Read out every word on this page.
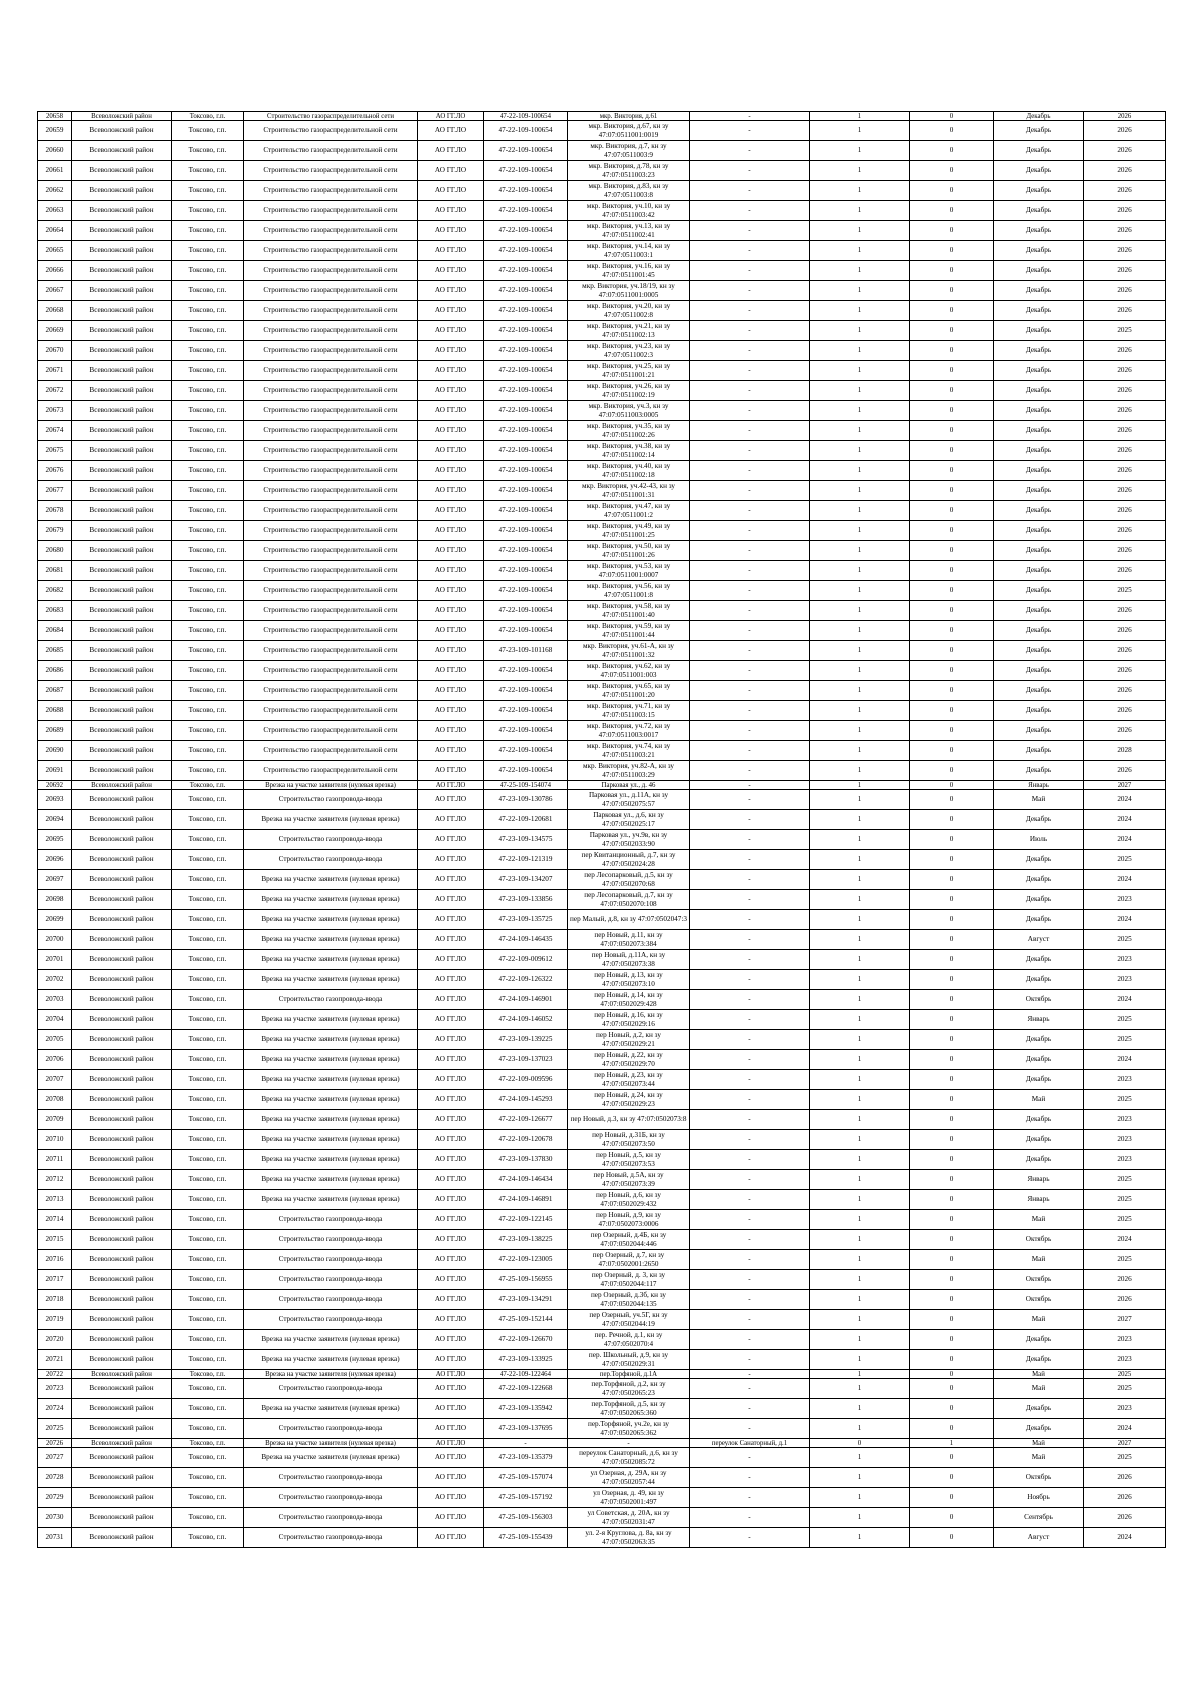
20658	Всеволожский район	Токсово, г.п.	Строительство газораспределительной сети	АО ГГ.ЛО	47-22-109-100654	мкр. Виктория, д.61	-	1	0	Декабрь	2026
20659	Всеволожский район	Токсово, г.п.	Строительство газораспределительной сети	АО ГГ.ЛО	47-22-109-100654	мкр. Виктория, д.67, кн зу 47:07:0511001:0019	-	1	0	Декабрь	2026
20660	Всеволожский район	Токсово, г.п.	Строительство газораспределительной сети	АО ГГ.ЛО	47-22-109-100654	мкр. Виктория, д.7, кн зу 47:07:0511003:9	-	1	0	Декабрь	2026
20661	Всеволожский район	Токсово, г.п.	Строительство газораспределительной сети	АО ГГ.ЛО	47-22-109-100654	мкр. Виктория, д.78, кн зу 47:07:0511003:23	-	1	0	Декабрь	2026
20662	Всеволожский район	Токсово, г.п.	Строительство газораспределительной сети	АО ГГ.ЛО	47-22-109-100654	мкр. Виктория, д.83, кн зу 47:07:0511003:8	-	1	0	Декабрь	2026
20663	Всеволожский район	Токсово, г.п.	Строительство газораспределительной сети	АО ГГ.ЛО	47-22-109-100654	мкр. Виктория, уч.10, кн зу 47:07:0511003:42	-	1	0	Декабрь	2026
20664	Всеволожский район	Токсово, г.п.	Строительство газораспределительной сети	АО ГГ.ЛО	47-22-109-100654	мкр. Виктория, уч.13, кн зу 47:07:0511002:41	-	1	0	Декабрь	2026
20665	Всеволожский район	Токсово, г.п.	Строительство газораспределительной сети	АО ГГ.ЛО	47-22-109-100654	мкр. Виктория, уч.14, кн зу 47:07:0511003:1	-	1	0	Декабрь	2026
20666	Всеволожский район	Токсово, г.п.	Строительство газораспределительной сети	АО ГГ.ЛО	47-22-109-100654	мкр. Виктория, уч.16, кн зу 47:07:0511001:45	-	1	0	Декабрь	2026
20667	Всеволожский район	Токсово, г.п.	Строительство газораспределительной сети	АО ГГ.ЛО	47-22-109-100654	мкр. Виктория, уч.18/19, кн зу 47:07:0511001:0005	-	1	0	Декабрь	2026
20668	Всеволожский район	Токсово, г.п.	Строительство газораспределительной сети	АО ГГ.ЛО	47-22-109-100654	мкр. Виктория, уч.20, кн зу 47:07:0511002:8	-	1	0	Декабрь	2026
20669	Всеволожский район	Токсово, г.п.	Строительство газораспределительной сети	АО ГГ.ЛО	47-22-109-100654	мкр. Виктория, уч.21, кн зу 47:07:0511002:13	-	1	0	Декабрь	2025
20670	Всеволожский район	Токсово, г.п.	Строительство газораспределительной сети	АО ГГ.ЛО	47-22-109-100654	мкр. Виктория, уч.23, кн зу 47:07:0511002:3	-	1	0	Декабрь	2026
20671	Всеволожский район	Токсово, г.п.	Строительство газораспределительной сети	АО ГГ.ЛО	47-22-109-100654	мкр. Виктория, уч.25, кн зу 47:07:0511001:21	-	1	0	Декабрь	2026
20672	Всеволожский район	Токсово, г.п.	Строительство газораспределительной сети	АО ГГ.ЛО	47-22-109-100654	мкр. Виктория, уч.26, кн зу 47:07:0511002:19	-	1	0	Декабрь	2026
20673	Всеволожский район	Токсово, г.п.	Строительство газораспределительной сети	АО ГГ.ЛО	47-22-109-100654	мкр. Виктория, уч.3, кн зу 47:07:0511003:0005	-	1	0	Декабрь	2026
20674	Всеволожский район	Токсово, г.п.	Строительство газораспределительной сети	АО ГГ.ЛО	47-22-109-100654	мкр. Виктория, уч.35, кн зу 47:07:0511002:26	-	1	0	Декабрь	2026
20675	Всеволожский район	Токсово, г.п.	Строительство газораспределительной сети	АО ГГ.ЛО	47-22-109-100654	мкр. Виктория, уч.38, кн зу 47:07:0511002:14	-	1	0	Декабрь	2026
20676	Всеволожский район	Токсово, г.п.	Строительство газораспределительной сети	АО ГГ.ЛО	47-22-109-100654	мкр. Виктория, уч.40, кн зу 47:07:0511002:18	-	1	0	Декабрь	2026
20677	Всеволожский район	Токсово, г.п.	Строительство газораспределительной сети	АО ГГ.ЛО	47-22-109-100654	мкр. Виктория, уч.42-43, кн зу 47:07:0511001:31	-	1	0	Декабрь	2026
20678	Всеволожский район	Токсово, г.п.	Строительство газораспределительной сети	АО ГГ.ЛО	47-22-109-100654	мкр. Виктория, уч.47, кн зу 47:07:0511001:2	-	1	0	Декабрь	2026
20679	Всеволожский район	Токсово, г.п.	Строительство газораспределительной сети	АО ГГ.ЛО	47-22-109-100654	мкр. Виктория, уч.49, кн зу 47:07:0511001:25	-	1	0	Декабрь	2026
20680	Всеволожский район	Токсово, г.п.	Строительство газораспределительной сети	АО ГГ.ЛО	47-22-109-100654	мкр. Виктория, уч.50, кн зу 47:07:0511001:26	-	1	0	Декабрь	2026
20681	Всеволожский район	Токсово, г.п.	Строительство газораспределительной сети	АО ГГ.ЛО	47-22-109-100654	мкр. Виктория, уч.53, кн зу 47:07:0511001:0007	-	1	0	Декабрь	2026
20682	Всеволожский район	Токсово, г.п.	Строительство газораспределительной сети	АО ГГ.ЛО	47-22-109-100654	мкр. Виктория, уч.56, кн зу 47:07:0511001:8	-	1	0	Декабрь	2025
20683	Всеволожский район	Токсово, г.п.	Строительство газораспределительной сети	АО ГГ.ЛО	47-22-109-100654	мкр. Виктория, уч.58, кн зу 47:07:0511001:40	-	1	0	Декабрь	2026
20684	Всеволожский район	Токсово, г.п.	Строительство газораспределительной сети	АО ГГ.ЛО	47-22-109-100654	мкр. Виктория, уч.59, кн зу 47:07:0511001:44	-	1	0	Декабрь	2026
20685	Всеволожский район	Токсово, г.п.	Строительство газораспределительной сети	АО ГГ.ЛО	47-23-109-101168	мкр. Виктория, уч.61-А, кн зу 47:07:0511001:32	-	1	0	Декабрь	2026
20686	Всеволожский район	Токсово, г.п.	Строительство газораспределительной сети	АО ГГ.ЛО	47-22-109-100654	мкр. Виктория, уч.62, кн зу 47:07:0511001:003	-	1	0	Декабрь	2026
20687	Всеволожский район	Токсово, г.п.	Строительство газораспределительной сети	АО ГГ.ЛО	47-22-109-100654	мкр. Виктория, уч.65, кн зу 47:07:0511001:20	-	1	0	Декабрь	2026
20688	Всеволожский район	Токсово, г.п.	Строительство газораспределительной сети	АО ГГ.ЛО	47-22-109-100654	мкр. Виктория, уч.71, кн зу 47:07:0511003:15	-	1	0	Декабрь	2026
20689	Всеволожский район	Токсово, г.п.	Строительство газораспределительной сети	АО ГГ.ЛО	47-22-109-100654	мкр. Виктория, уч.72, кн зу 47:07:0511003:0017	-	1	0	Декабрь	2026
20690	Всеволожский район	Токсово, г.п.	Строительство газораспределительной сети	АО ГГ.ЛО	47-22-109-100654	мкр. Виктория, уч.74, кн зу 47:07:0511003:21	-	1	0	Декабрь	2028
20691	Всеволожский район	Токсово, г.п.	Строительство газораспределительной сети	АО ГГ.ЛО	47-22-109-100654	мкр. Виктория, уч.82-А, кн зу 47:07:0511003:29	-	1	0	Декабрь	2026
20692	Всеволожский район	Токсово, г.п.	Врезка на участке заявителя (нулевая врезка)	АО ГГ.ЛО	47-25-109-154074	Парковая ул., д. 46	-	1	0	Январь	2027
20693	Всеволожский район	Токсово, г.п.	Строительство газопровода-ввода	АО ГГ.ЛО	47-23-109-130786	Парковая ул., д.11А, кн зу 47:07:0502075:57	-	1	0	Май	2024
20694	Всеволожский район	Токсово, г.п.	Врезка на участке заявителя (нулевая врезка)	АО ГГ.ЛО	47-22-109-120681	Парковая ул., д.6, кн зу 47:07:0502025:17	-	1	0	Декабрь	2024
20695	Всеволожский район	Токсово, г.п.	Строительство газопровода-ввода	АО ГГ.ЛО	47-23-109-134575	Парковая ул., уч.9в, кн зу 47:07:0502033:90	-	1	0	Июль	2024
20696	Всеволожский район	Токсово, г.п.	Строительство газопровода-ввода	АО ГГ.ЛО	47-22-109-121319	пер Квитанционный, д.7, кн зу 47:07:0502024:28	-	1	0	Декабрь	2025
20697	Всеволожский район	Токсово, г.п.	Врезка на участке заявителя (нулевая врезка)	АО ГГ.ЛО	47-23-109-134207	пер Лесопарковый, д.5, кн зу 47:07:0502070:68	-	1	0	Декабрь	2024
20698	Всеволожский район	Токсово, г.п.	Врезка на участке заявителя (нулевая врезка)	АО ГГ.ЛО	47-23-109-133856	пер Лесопарковый, д.7, кн зу 47:07:0502070:108	-	1	0	Декабрь	2023
20699	Всеволожский район	Токсово, г.п.	Врезка на участке заявителя (нулевая врезка)	АО ГГ.ЛО	47-23-109-135725	пер Малый, д.8, кн зу 47:07:0502047:3	-	1	0	Декабрь	2024
20700	Всеволожский район	Токсово, г.п.	Врезка на участке заявителя (нулевая врезка)	АО ГГ.ЛО	47-24-109-146435	пер Новый, д.11, кн зу 47:07:0502073:384	-	1	0	Август	2025
20701	Всеволожский район	Токсово, г.п.	Врезка на участке заявителя (нулевая врезка)	АО ГГ.ЛО	47-22-109-009612	пер Новый, д.11А, кн зу 47:07:0502073:38	-	1	0	Декабрь	2023
20702	Всеволожский район	Токсово, г.п.	Врезка на участке заявителя (нулевая врезка)	АО ГГ.ЛО	47-22-109-126322	пер Новый, д.13, кн зу 47:07:0502073:10	-	1	0	Декабрь	2023
20703	Всеволожский район	Токсово, г.п.	Строительство газопровода-ввода	АО ГГ.ЛО	47-24-109-146901	пер Новый, д.14, кн зу 47:07:0502029:428	-	1	0	Октябрь	2024
20704	Всеволожский район	Токсово, г.п.	Врезка на участке заявителя (нулевая врезка)	АО ГГ.ЛО	47-24-109-146052	пер Новый, д.16, кн зу 47:07:0502029:16	-	1	0	Январь	2025
20705	Всеволожский район	Токсово, г.п.	Врезка на участке заявителя (нулевая врезка)	АО ГГ.ЛО	47-23-109-139225	пер Новый, д.2, кн зу 47:07:0502029:21	-	1	0	Декабрь	2025
20706	Всеволожский район	Токсово, г.п.	Врезка на участке заявителя (нулевая врезка)	АО ГГ.ЛО	47-23-109-137023	пер Новый, д.22, кн зу 47:07:0502029:70	-	1	0	Декабрь	2024
20707	Всеволожский район	Токсово, г.п.	Врезка на участке заявителя (нулевая врезка)	АО ГГ.ЛО	47-22-109-009596	пер Новый, д.23, кн зу 47:07:0502073:44	-	1	0	Декабрь	2023
20708	Всеволожский район	Токсово, г.п.	Врезка на участке заявителя (нулевая врезка)	АО ГГ.ЛО	47-24-109-145293	пер Новый, д.24, кн зу 47:07:0502029:23	-	1	0	Май	2025
20709	Всеволожский район	Токсово, г.п.	Врезка на участке заявителя (нулевая врезка)	АО ГГ.ЛО	47-22-109-126677	пер Новый, д.3, кн зу 47:07:0502073:8	-	1	0	Декабрь	2023
20710	Всеволожский район	Токсово, г.п.	Врезка на участке заявителя (нулевая врезка)	АО ГГ.ЛО	47-22-109-120678	пер Новый, д.31Б, кн зу 47:07:0502073:50	-	1	0	Декабрь	2023
20711	Всеволожский район	Токсово, г.п.	Врезка на участке заявителя (нулевая врезка)	АО ГГ.ЛО	47-23-109-137830	пер Новый, д.5, кн зу 47:07:0502073:53	-	1	0	Декабрь	2023
20712	Всеволожский район	Токсово, г.п.	Врезка на участке заявителя (нулевая врезка)	АО ГГ.ЛО	47-24-109-146434	пер Новый, д.5А, кн зу 47:07:0502073:39	-	1	0	Январь	2025
20713	Всеволожский район	Токсово, г.п.	Врезка на участке заявителя (нулевая врезка)	АО ГГ.ЛО	47-24-109-146891	пер Новый, д.6, кн зу 47:07:0502029:432	-	1	0	Январь	2025
20714	Всеволожский район	Токсово, г.п.	Строительство газопровода-ввода	АО ГГ.ЛО	47-22-109-122145	пер Новый, д.9, кн зу 47:07:0502073:0006	-	1	0	Май	2025
20715	Всеволожский район	Токсово, г.п.	Строительство газопровода-ввода	АО ГГ.ЛО	47-23-109-138225	пер Озерный, д.4Б, кн зу 47:07:0502044:446	-	1	0	Октябрь	2024
20716	Всеволожский район	Токсово, г.п.	Строительство газопровода-ввода	АО ГГ.ЛО	47-22-109-123005	пер Озерный, д.7, кн зу 47:07:0502001:2650	-	1	0	Май	2025
20717	Всеволожский район	Токсово, г.п.	Строительство газопровода-ввода	АО ГГ.ЛО	47-25-109-156955	пер Озерный, д. 3, кн зу 47:07:0502044:117	-	1	0	Октябрь	2026
20718	Всеволожский район	Токсово, г.п.	Строительство газопровода-ввода	АО ГГ.ЛО	47-23-109-134291	пер Озерный, д.3б, кн зу 47:07:0502044:135	-	1	0	Октябрь	2026
20719	Всеволожский район	Токсово, г.п.	Строительство газопровода-ввода	АО ГГ.ЛО	47-25-109-152144	пер Озерный, уч.5Г, кн зу 47:07:0502044:19	-	1	0	Май	2027
20720	Всеволожский район	Токсово, г.п.	Врезка на участке заявителя (нулевая врезка)	АО ГГ.ЛО	47-22-109-126670	пер. Речной, д.1, кн зу 47:07:0502070:4	-	1	0	Декабрь	2023
20721	Всеволожский район	Токсово, г.п.	Врезка на участке заявителя (нулевая врезка)	АО ГГ.ЛО	47-23-109-133925	пер. Школьный, д.9, кн зу 47:07:0502029:31	-	1	0	Декабрь	2023
20722	Всеволожский район	Токсово, г.п.	Врезка на участке заявителя (нулевая врезка)	АО ГГ.ЛО	47-22-109-122464	пер.Торфяной, д.1А	-	1	0	Май	2025
20723	Всеволожский район	Токсово, г.п.	Строительство газопровода-ввода	АО ГГ.ЛО	47-22-109-122668	пер.Торфяной, д.2, кн зу 47:07:0502065:23	-	1	0	Май	2025
20724	Всеволожский район	Токсово, г.п.	Врезка на участке заявителя (нулевая врезка)	АО ГГ.ЛО	47-23-109-135942	пер.Торфяной, д.5, кн зу 47:07:0502065:360	-	1	0	Декабрь	2023
20725	Всеволожский район	Токсово, г.п.	Строительство газопровода-ввода	АО ГГ.ЛО	47-23-109-137695	пер.Торфяной, уч.2е, кн зу 47:07:0502065:362	-	1	0	Декабрь	2024
20726	Всеволожский район	Токсово, г.п.	Врезка на участке заявителя (нулевая врезка)	АО ГГ.ЛО	-	-	переулок Санаторный, д.1	0	1	Май	2027
20727	Всеволожский район	Токсово, г.п.	Врезка на участке заявителя (нулевая врезка)	АО ГГ.ЛО	47-23-109-135379	переулок Санаторный, д.6, кн зу 47:07:0502085:72	-	1	0	Май	2025
20728	Всеволожский район	Токсово, г.п.	Строительство газопровода-ввода	АО ГГ.ЛО	47-25-109-157074	ул Озерная, д. 29А, кн зу 47:07:0502057:44	-	1	0	Октябрь	2026
20729	Всеволожский район	Токсово, г.п.	Строительство газопровода-ввода	АО ГГ.ЛО	47-25-109-157192	ул Озерная, д. 49, кн зу 47:07:0502001:497	-	1	0	Ноябрь	2026
20730	Всеволожский район	Токсово, г.п.	Строительство газопровода-ввода	АО ГГ.ЛО	47-25-109-156303	ул Советская, д. 20А, кн зу 47:07:0502031:47	-	1	0	Сентябрь	2026
20731	Всеволожский район	Токсово, г.п.	Строительство газопровода-ввода	АО ГГ.ЛО	47-25-109-155439	ул. 2-я Круглова, д. 8а, кн зу 47:07:0502063:35	-	1	0	Август	2024
